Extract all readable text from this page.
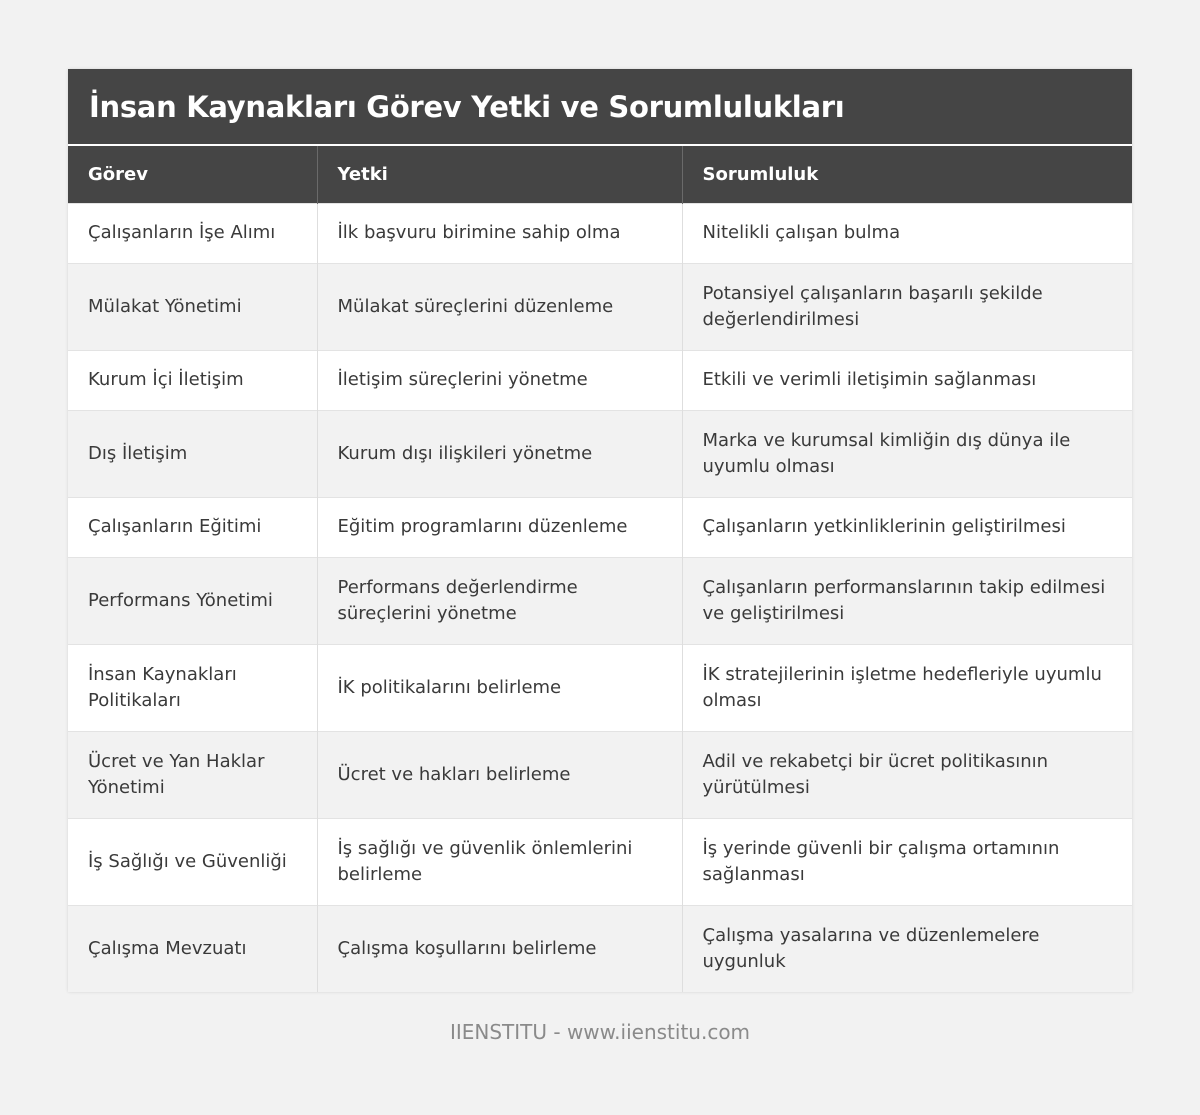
İnsan Kaynakları Görev Yetki ve Sorumlulukları
Görev	Yetki	Sorumluluk
Çalışanların İşe Alımı	İlk başvuru birimine sahip olma	Nitelikli çalışan bulma
Mülakat Yönetimi	Mülakat süreçlerini düzenleme	Potansiyel çalışanların başarılı şekilde değerlendirilmesi
Kurum İçi İletişim	İletişim süreçlerini yönetme	Etkili ve verimli iletişimin sağlanması
Dış İletişim	Kurum dışı ilişkileri yönetme	Marka ve kurumsal kimliğin dış dünya ile uyumlu olması
Çalışanların Eğitimi	Eğitim programlarını düzenleme	Çalışanların yetkinliklerinin geliştirilmesi
Performans Yönetimi	Performans değerlendirme süreçlerini yönetme	Çalışanların performanslarının takip edilmesi ve geliştirilmesi
İnsan Kaynakları Politikaları	İK politikalarını belirleme	İK stratejilerinin işletme hedefleriyle uyumlu olması
Ücret ve Yan Haklar Yönetimi	Ücret ve hakları belirleme	Adil ve rekabetçi bir ücret politikasının yürütülmesi
İş Sağlığı ve Güvenliği	İş sağlığı ve güvenlik önlemlerini belirleme	İş yerinde güvenli bir çalışma ortamının sağlanması
Çalışma Mevzuatı	Çalışma koşullarını belirleme	Çalışma yasalarına ve düzenlemelere uygunluk
IIENSTITU - www.iienstitu.com
